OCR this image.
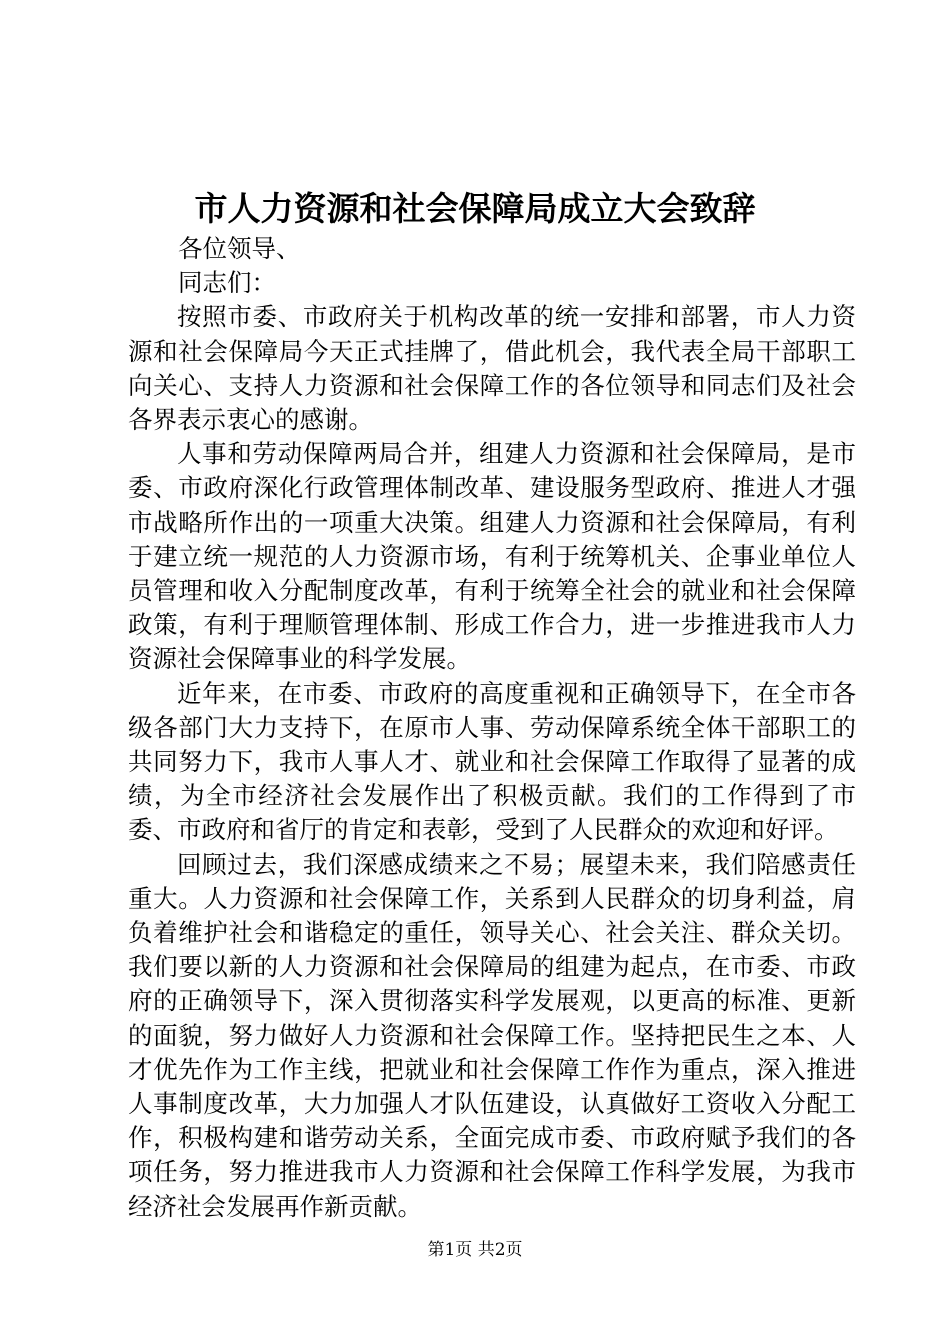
市人力资源和社会保障局成立大会致辞

各位领导、

同志们：

按照市委、市政府关于机构改革的统一安排和部署，市人力资源和社会保障局今天正式挂牌了，借此机会，我代表全局干部职工向关心、支持人力资源和社会保障工作的各位领导和同志们及社会各界表示衷心的感谢。

人事和劳动保障两局合并，组建人力资源和社会保障局，是市委、市政府深化行政管理体制改革、建设服务型政府、推进人才强市战略所作出的一项重大决策。组建人力资源和社会保障局，有利于建立统一规范的人力资源市场，有利于统筹机关、企事业单位人员管理和收入分配制度改革，有利于统筹全社会的就业和社会保障政策，有利于理顺管理体制、形成工作合力，进一步推进我市人力资源社会保障事业的科学发展。

近年来，在市委、市政府的高度重视和正确领导下，在全市各级各部门大力支持下，在原市人事、劳动保障系统全体干部职工的共同努力下，我市人事人才、就业和社会保障工作取得了显著的成绩，为全市经济社会发展作出了积极贡献。我们的工作得到了市委、市政府和省厅的肯定和表彰，受到了人民群众的欢迎和好评。

回顾过去，我们深感成绩来之不易；展望未来，我们陪感责任重大。人力资源和社会保障工作，关系到人民群众的切身利益，肩负着维护社会和谐稳定的重任，领导关心、社会关注、群众关切。我们要以新的人力资源和社会保障局的组建为起点，在市委、市政府的正确领导下，深入贯彻落实科学发展观，以更高的标准、更新的面貌，努力做好人力资源和社会保障工作。坚持把民生之本、人才优先作为工作主线，把就业和社会保障工作作为重点，深入推进人事制度改革，大力加强人才队伍建设，认真做好工资收入分配工作，积极构建和谐劳动关系，全面完成市委、市政府赋予我们的各项任务，努力推进我市人力资源和社会保障工作科学发展，为我市经济社会发展再作新贡献。

第1页 共2页
